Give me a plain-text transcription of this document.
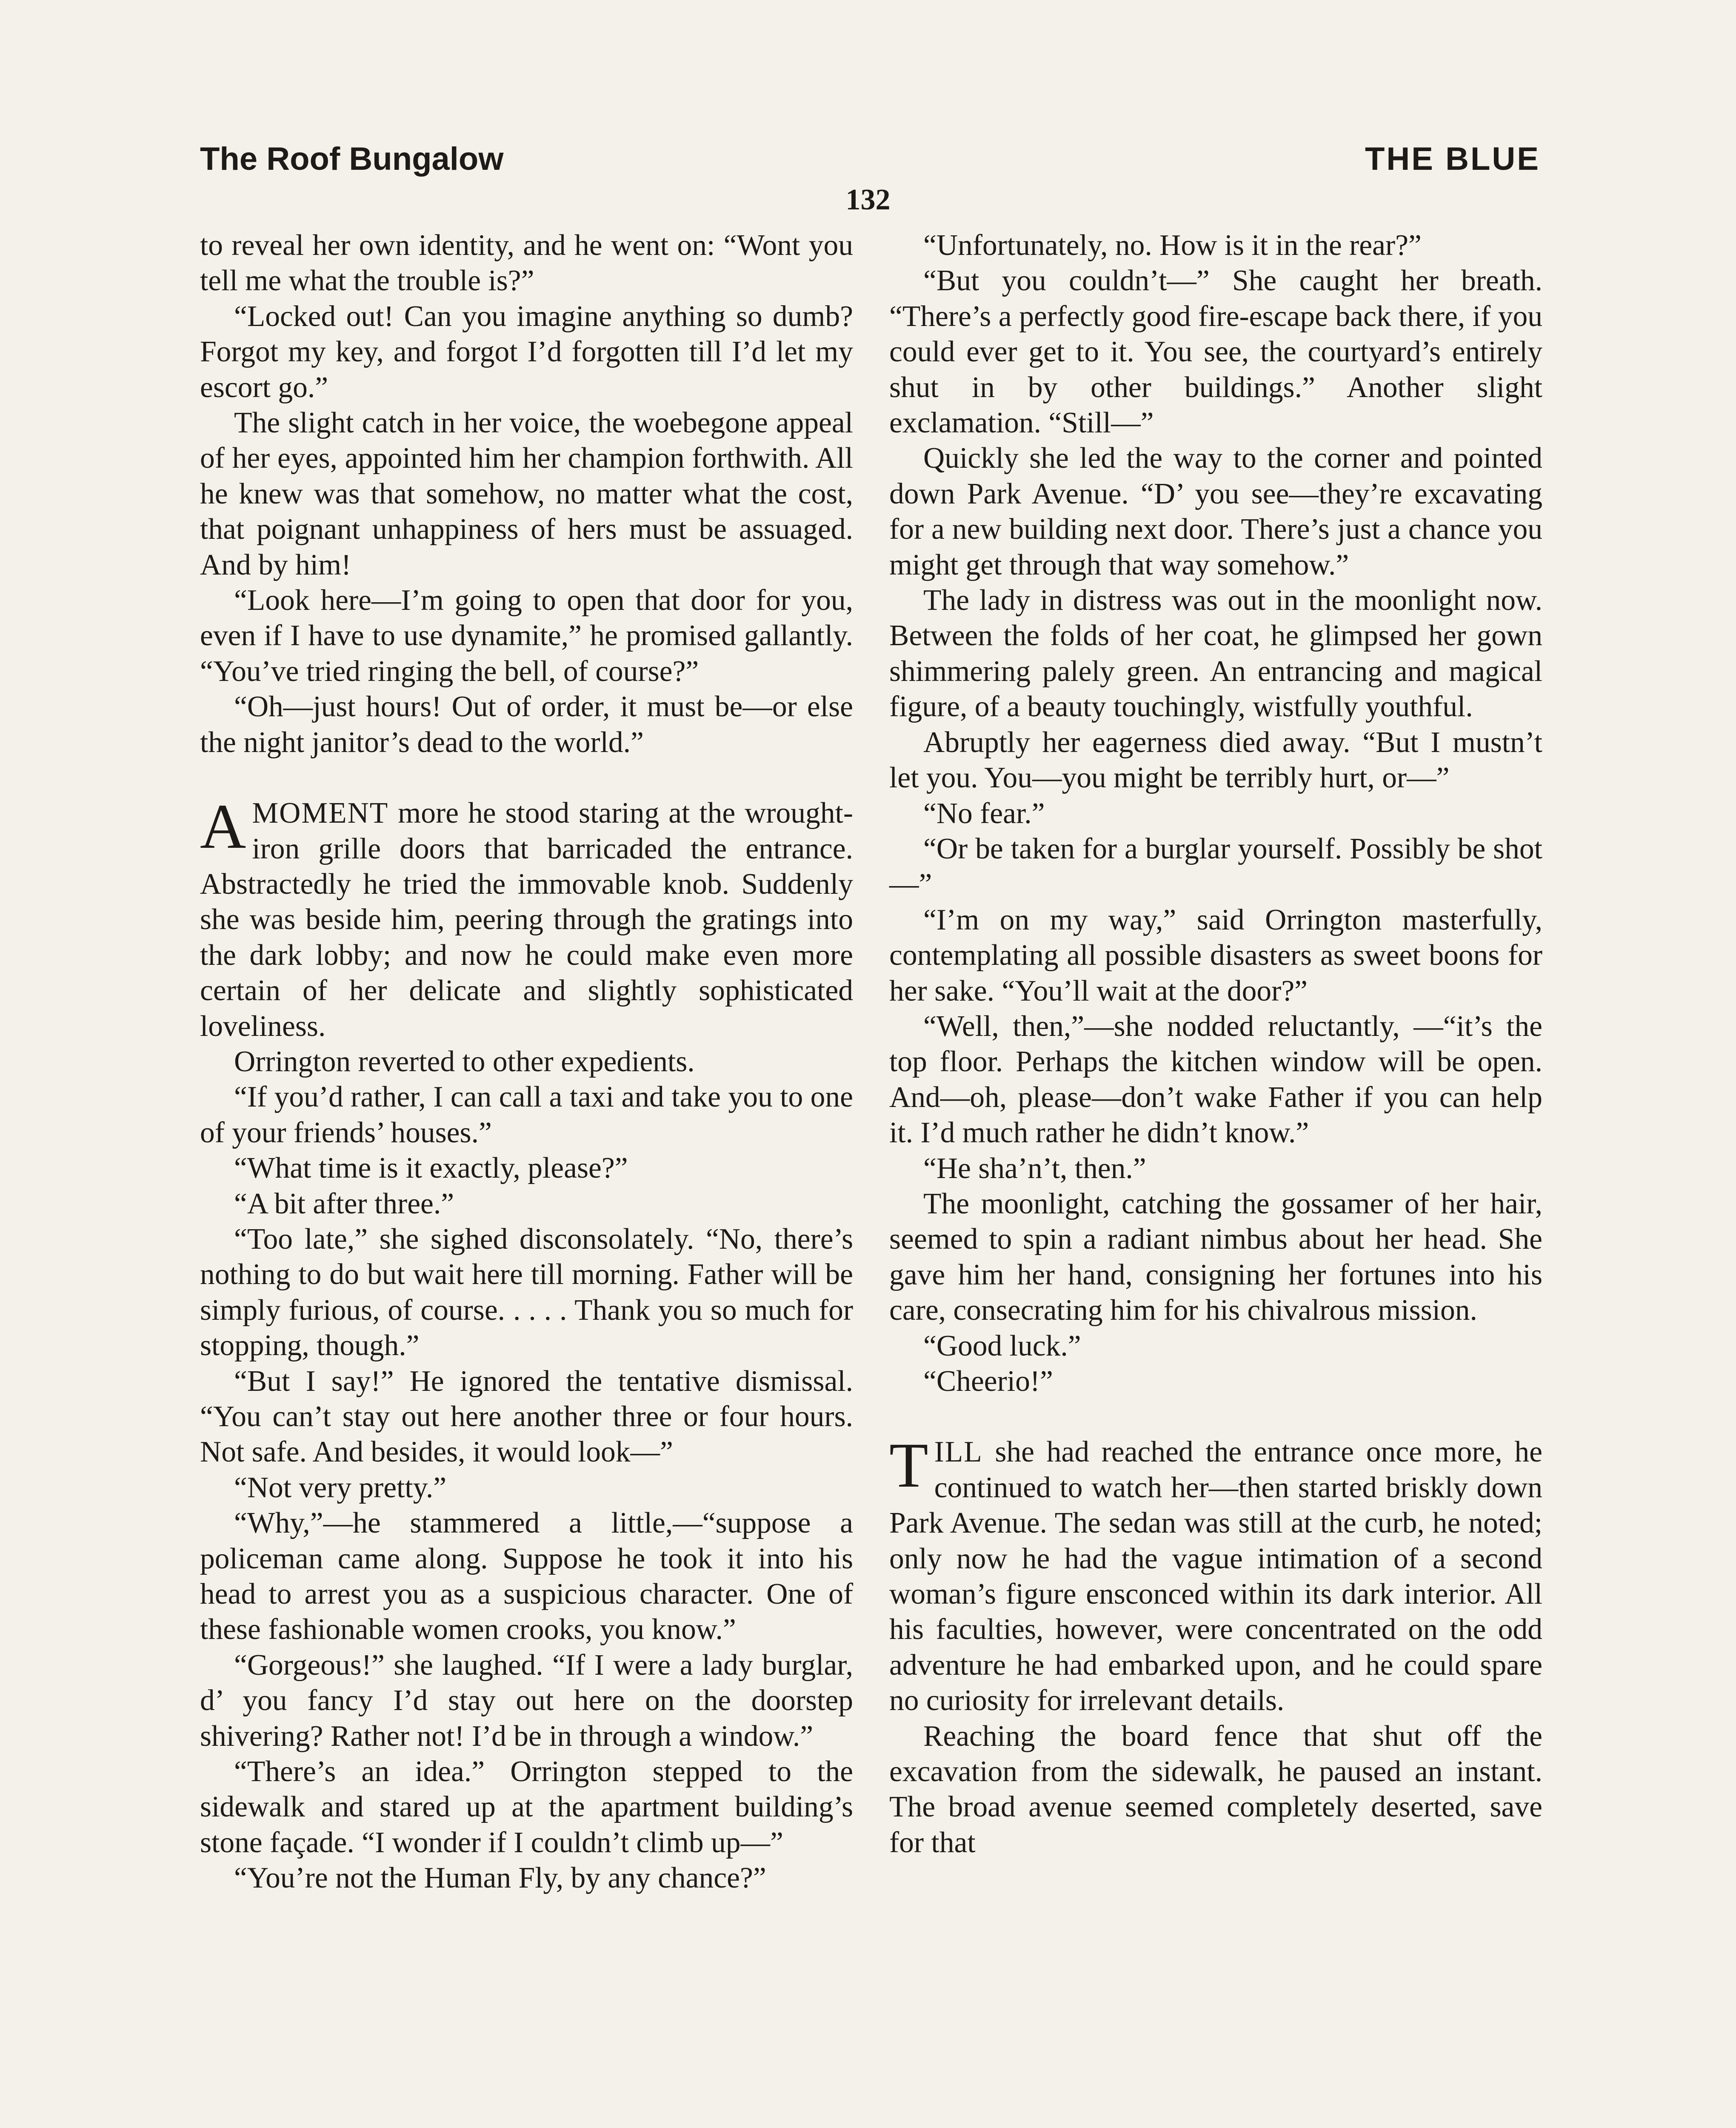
The Roof Bungalow	THE BLUE
132

to reveal her own identity, and he went on: “Wont you tell me what the trouble is?”

“Locked out! Can you imagine anything so dumb? Forgot my key, and forgot I’d forgotten till I’d let my escort go.”

The slight catch in her voice, the woebegone appeal of her eyes, appointed him her champion forthwith. All he knew was that somehow, no matter what the cost, that poignant unhappiness of hers must be assuaged. And by him!

“Look here—I’m going to open that door for you, even if I have to use dynamite,” he promised gallantly. “You’ve tried ringing the bell, of course?”

“Oh—just hours! Out of order, it must be—or else the night janitor’s dead to the world.”

AMOMENT more he stood staring at the wrought-iron grille doors that barricaded the entrance. Abstractedly he tried the immovable knob. Suddenly she was beside him, peering through the gratings into the dark lobby; and now he could make even more certain of her delicate and slightly sophisticated loveliness.

Orrington reverted to other expedients.

“If you’d rather, I can call a taxi and take you to one of your friends’ houses.”

“What time is it exactly, please?”

“A bit after three.”

“Too late,” she sighed disconsolately. “No, there’s nothing to do but wait here till morning. Father will be simply furious, of course. . . . . Thank you so much for stopping, though.”

“But I say!” He ignored the tentative dismissal. “You can’t stay out here another three or four hours. Not safe. And besides, it would look—”

“Not very pretty.”

“Why,”—he stammered a little,—“suppose a policeman came along. Suppose he took it into his head to arrest you as a suspicious character. One of these fashionable women crooks, you know.”

“Gorgeous!” she laughed. “If I were a lady burglar, d’ you fancy I’d stay out here on the doorstep shivering? Rather not! I’d be in through a window.”

“There’s an idea.” Orrington stepped to the sidewalk and stared up at the apartment building’s stone façade. “I wonder if I couldn’t climb up—”

“You’re not the Human Fly, by any chance?”

“Unfortunately, no. How is it in the rear?”

“But you couldn’t—” She caught her breath. “There’s a perfectly good fire-escape back there, if you could ever get to it. You see, the courtyard’s entirely shut in by other buildings.” Another slight exclamation. “Still—”

Quickly she led the way to the corner and pointed down Park Avenue. “D’ you see—they’re excavating for a new building next door. There’s just a chance you might get through that way somehow.”

The lady in distress was out in the moonlight now. Between the folds of her coat, he glimpsed her gown shimmering palely green. An entrancing and magical figure, of a beauty touchingly, wistfully youthful.

Abruptly her eagerness died away. “But I mustn’t let you. You—you might be terribly hurt, or—”

“No fear.”

“Or be taken for a burglar yourself. Possibly be shot—”

“I’m on my way,” said Orrington masterfully, contemplating all possible disasters as sweet boons for her sake. “You’ll wait at the door?”

“Well, then,”—she nodded reluctantly, —“it’s the top floor. Perhaps the kitchen window will be open. And—oh, please—don’t wake Father if you can help it. I’d much rather he didn’t know.”

“He sha’n’t, then.”

The moonlight, catching the gossamer of her hair, seemed to spin a radiant nimbus about her head. She gave him her hand, consigning her fortunes into his care, consecrating him for his chivalrous mission.

“Good luck.”

“Cheerio!”

TILL she had reached the entrance once more, he continued to watch her—then started briskly down Park Avenue. The sedan was still at the curb, he noted; only now he had the vague intimation of a second woman’s figure ensconced within its dark interior. All his faculties, however, were concentrated on the odd adventure he had embarked upon, and he could spare no curiosity for irrelevant details.

Reaching the board fence that shut off the excavation from the sidewalk, he paused an instant. The broad avenue seemed completely deserted, save for that
